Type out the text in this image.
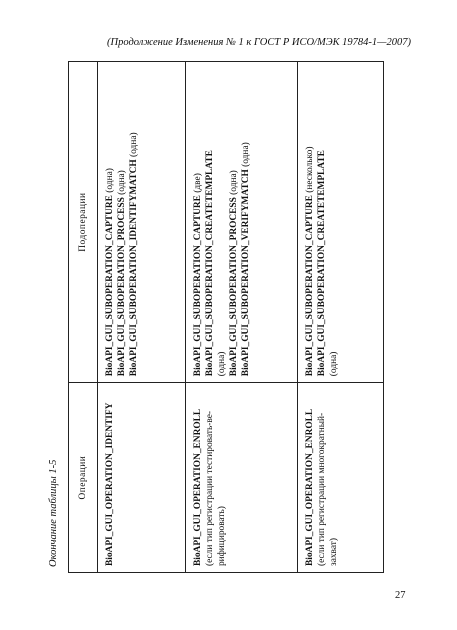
(Продолжение Изменения № 1 к ГОСТ Р ИСО/МЭК 19784-1—2007)
Окончание таблицы 1-5 Операции	Подоперации

BioAPI_GUI_OPERATION_IDENTIFY	BioAPI_GUI_SUBOPERATION_CAPTURE (одна)
BioAPI_GUI_SUBOPERATION_PROCESS (одна) BioAPI_GUI_SUBOPERATION_IDENTIFYMATCH (одна)

BioAPI_GUI_OPERATION_ENROLL (если тип регистрации тестировать-ве- рифицировать)	BioAPI_GUI_SUBOPERATION_CAPTURE (две) BioAPI_GUI_SUBOPERATION_CREATETEMPLATE (одна) BioAPI_GUI_SUBOPERATION_PROCESS (одна) BioAPI_GUI_SUBOPERATION_VERIFYMATCH (одна)

BioAPI_GUI_OPERATION_ENROLL (если тип регистрации многократный- захват)	BioAPI_GUI_SUBOPERATION_CAPTURE (несколько) BioAPI_GUI_SUBOPERATION_CREATETEMPLATE (одна)
27
